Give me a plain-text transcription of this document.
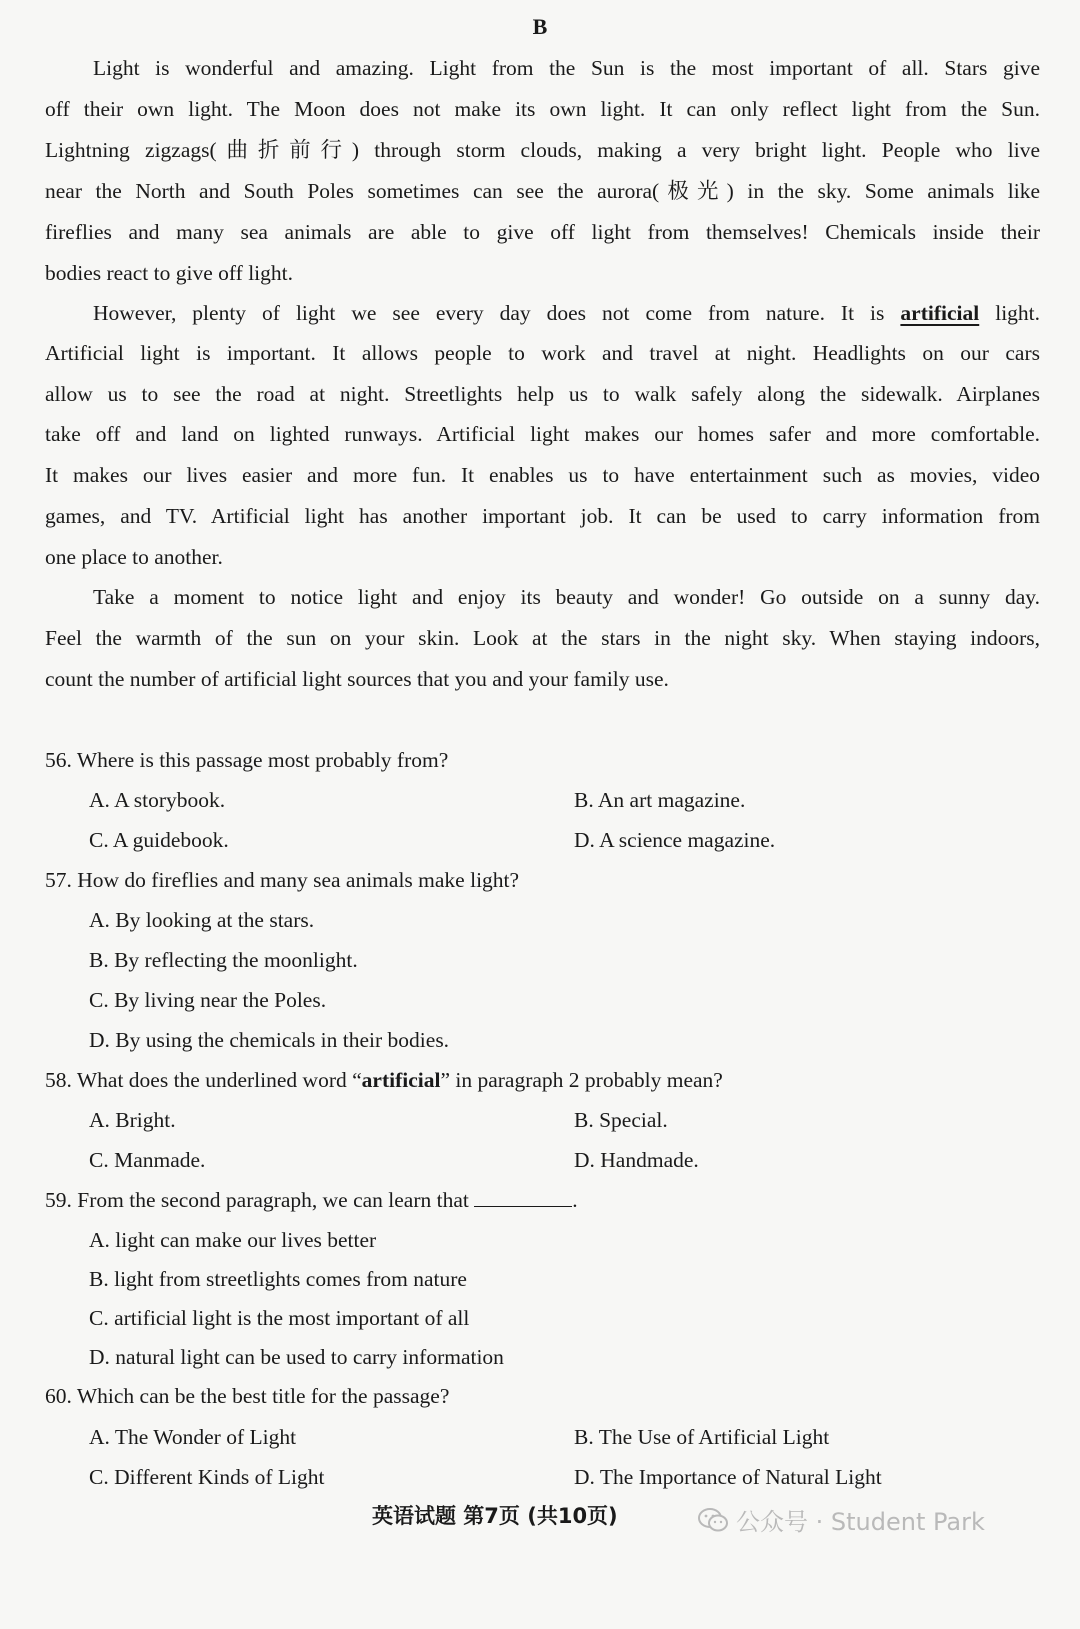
B
Light is wonderful and amazing. Light from the Sun is the most important of all. Stars give
off their own light. The Moon does not make its own light. It can only reflect light from the Sun.
Lightning zigzags(曲折前行) through storm clouds, making a very bright light. People who live
near the North and South Poles sometimes can see the aurora(极光) in the sky. Some animals like
fireflies and many sea animals are able to give off light from themselves! Chemicals inside their
bodies react to give off light.
However, plenty of light we see every day does not come from nature. It is artificial light.
Artificial light is important. It allows people to work and travel at night. Headlights on our cars
allow us to see the road at night. Streetlights help us to walk safely along the sidewalk. Airplanes
take off and land on lighted runways. Artificial light makes our homes safer and more comfortable.
It makes our lives easier and more fun. It enables us to have entertainment such as movies, video
games, and TV. Artificial light has another important job. It can be used to carry information from
one place to another.
Take a moment to notice light and enjoy its beauty and wonder! Go outside on a sunny day.
Feel the warmth of the sun on your skin. Look at the stars in the night sky. When staying indoors,
count the number of artificial light sources that you and your family use.
56. Where is this passage most probably from?
A. A storybook.	B. An art magazine.
C. A guidebook.	D. A science magazine.
57. How do fireflies and many sea animals make light?
A. By looking at the stars.
B. By reflecting the moonlight.
C. By living near the Poles.
D. By using the chemicals in their bodies.
58. What does the underlined word “artificial” in paragraph 2 probably mean?
A. Bright.	B. Special.
C. Manmade.	D. Handmade.
59. From the second paragraph, we can learn that	.
A. light can make our lives better
B. light from streetlights comes from nature
C. artificial light is the most important of all
D. natural light can be used to carry information
60. Which can be the best title for the passage?
A. The Wonder of Light	B. The Use of Artificial Light
C. Different Kinds of Light	D. The Importance of Natural Light
英语试题 第7页 (共10页)	公众号 · Student Park
